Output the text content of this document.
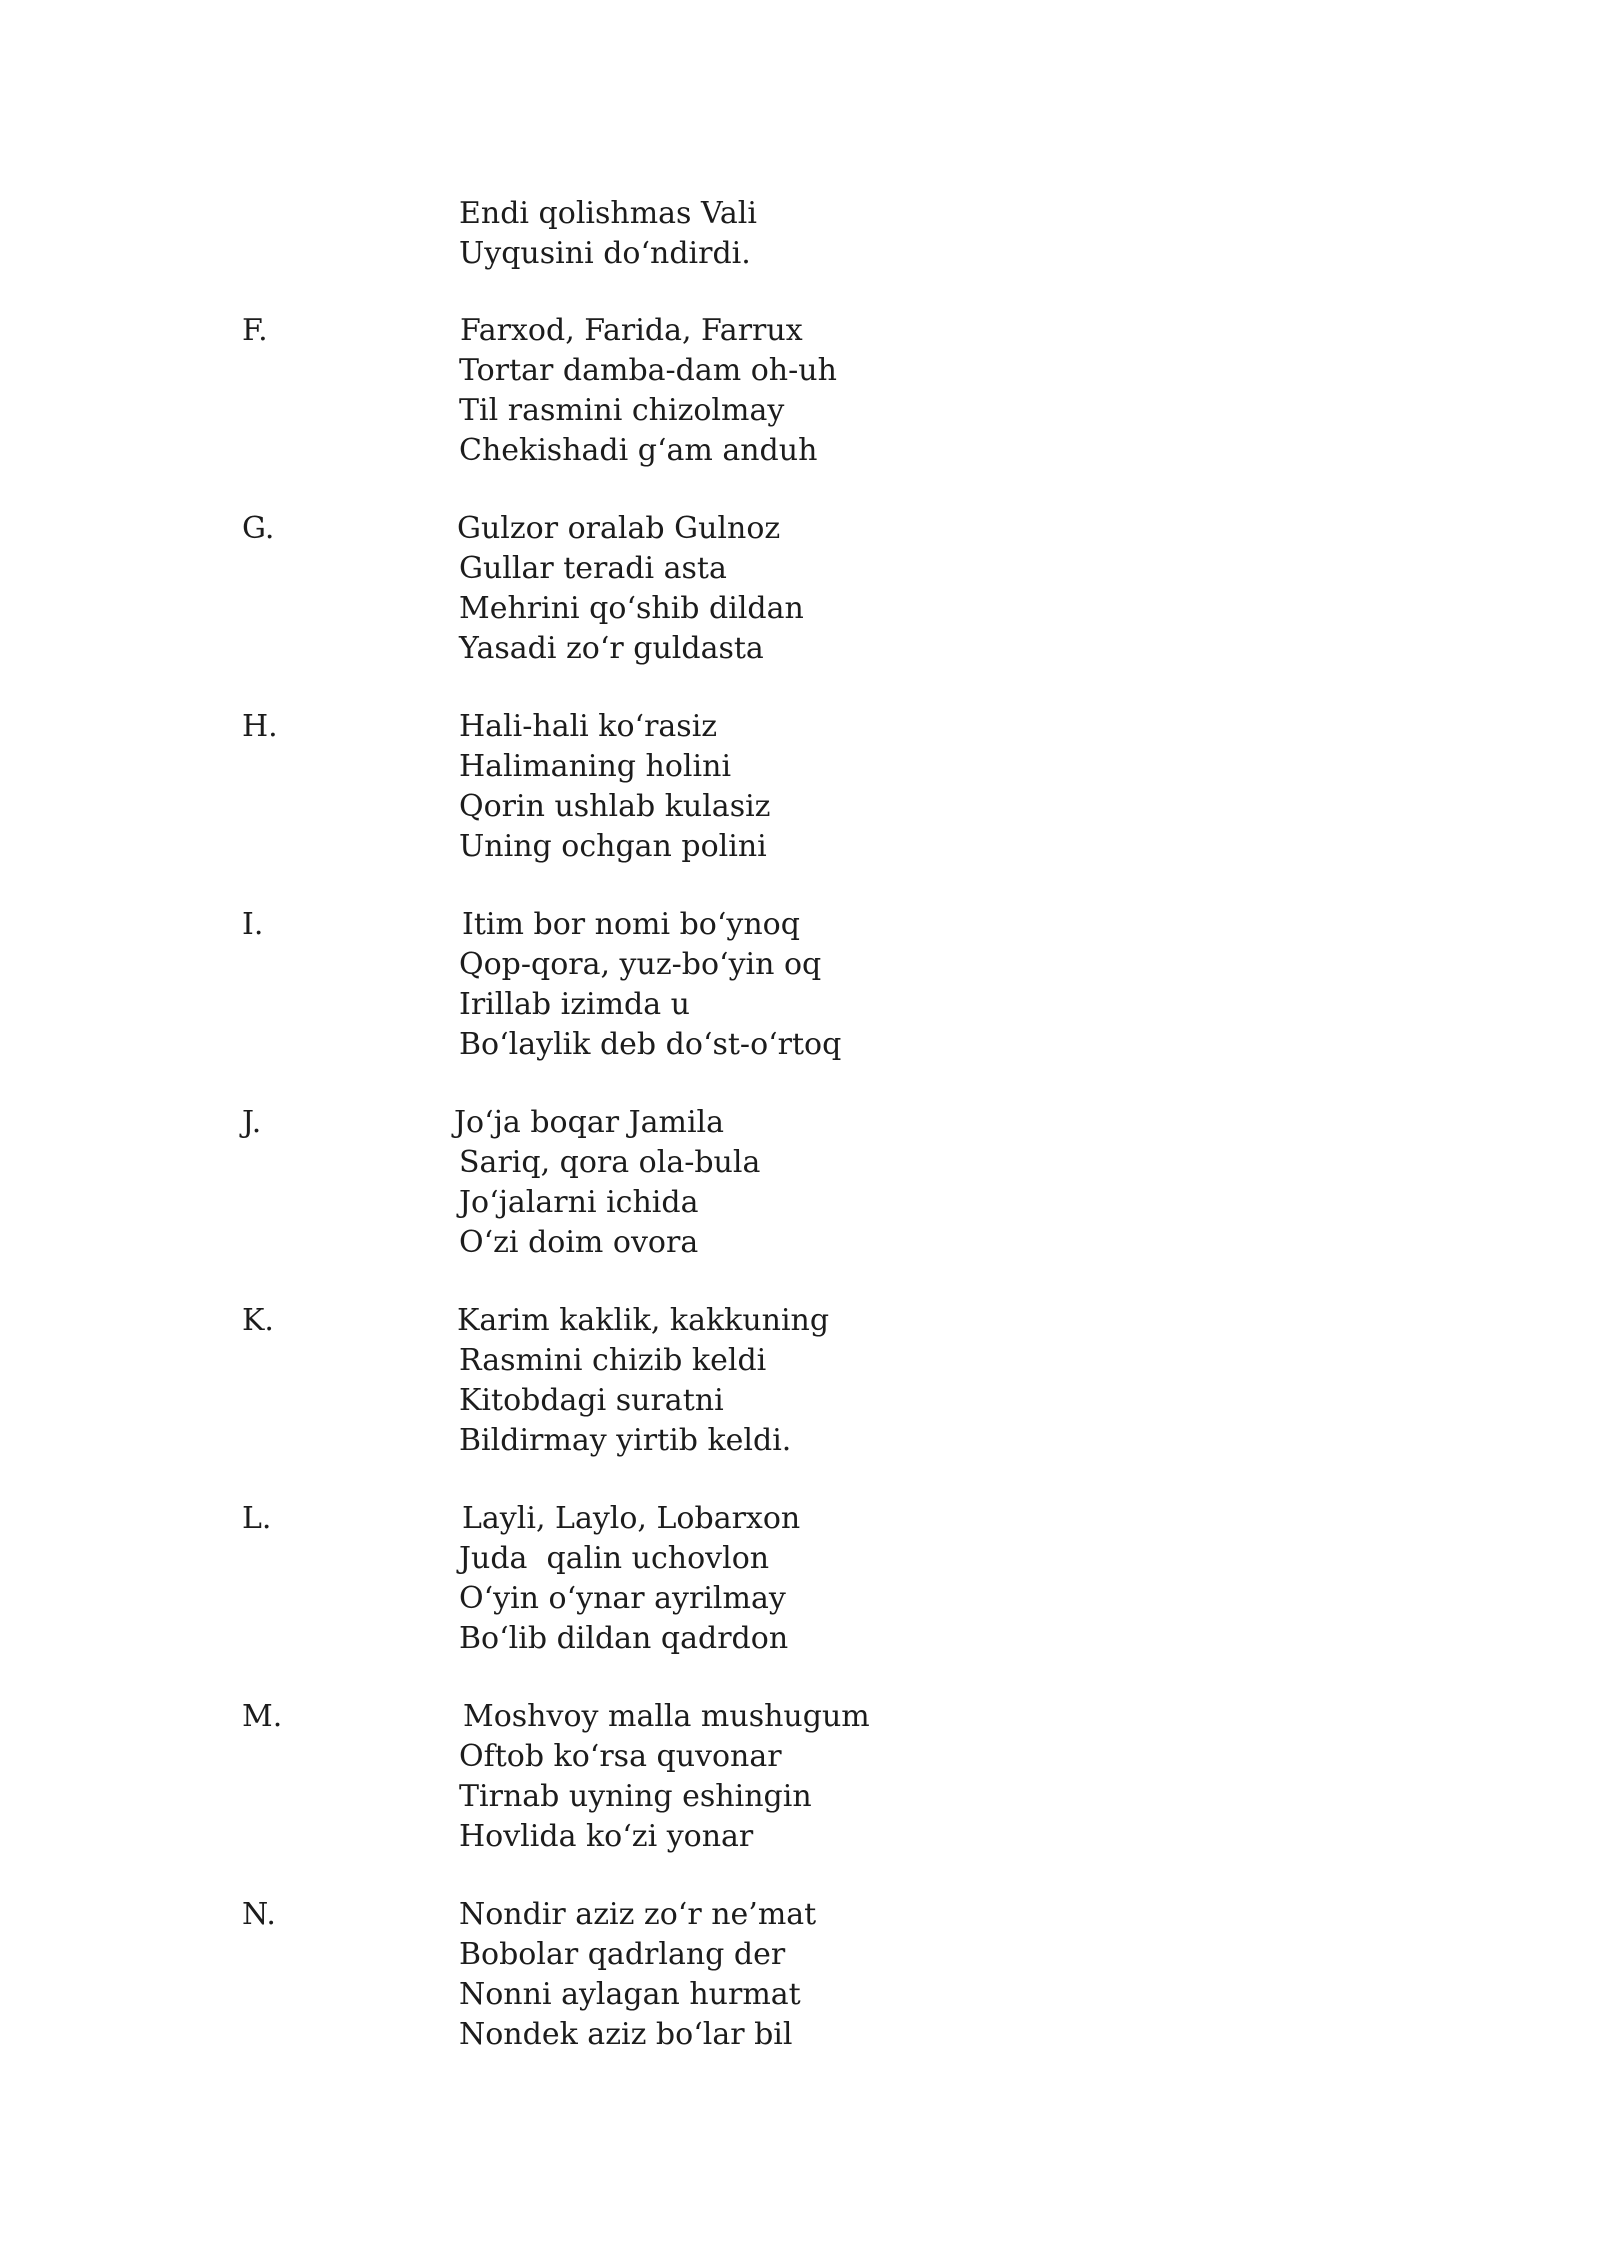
Endi qolishmas Vali
Uyqusini do‘ndirdi.
F.	Farxod, Farida, Farrux
Tortar damba-dam oh-uh
Til rasmini chizolmay
Chekishadi g‘am anduh
G.	Gulzor oralab Gulnoz
Gullar teradi asta
Mehrini qo‘shib dildan
Yasadi zo‘r guldasta
H.	Hali-hali ko‘rasiz
Halimaning holini
Qorin ushlab kulasiz
Uning ochgan polini
I.	Itim bor nomi bo‘ynoq
Qop-qora, yuz-bo‘yin oq
Irillab izimda u
Bo‘laylik deb do‘st-o‘rtoq
J.	Jo‘ja boqar Jamila
Sariq, qora ola-bula
Jo‘jalarni ichida
O‘zi doim ovora
K.	Karim kaklik, kakkuning
Rasmini chizib keldi
Kitobdagi suratni
Bildirmay yirtib keldi.
L.	Layli, Laylo, Lobarxon
Juda  qalin uchovlon
O‘yin o‘ynar ayrilmay
Bo‘lib dildan qadrdon
M.	Moshvoy malla mushugum
Oftob ko‘rsa quvonar
Tirnab uyning eshingin
Hovlida ko‘zi yonar
N.	Nondir aziz zo‘r ne’mat
Bobolar qadrlang der
Nonni aylagan hurmat
Nondek aziz bo‘lar bil
